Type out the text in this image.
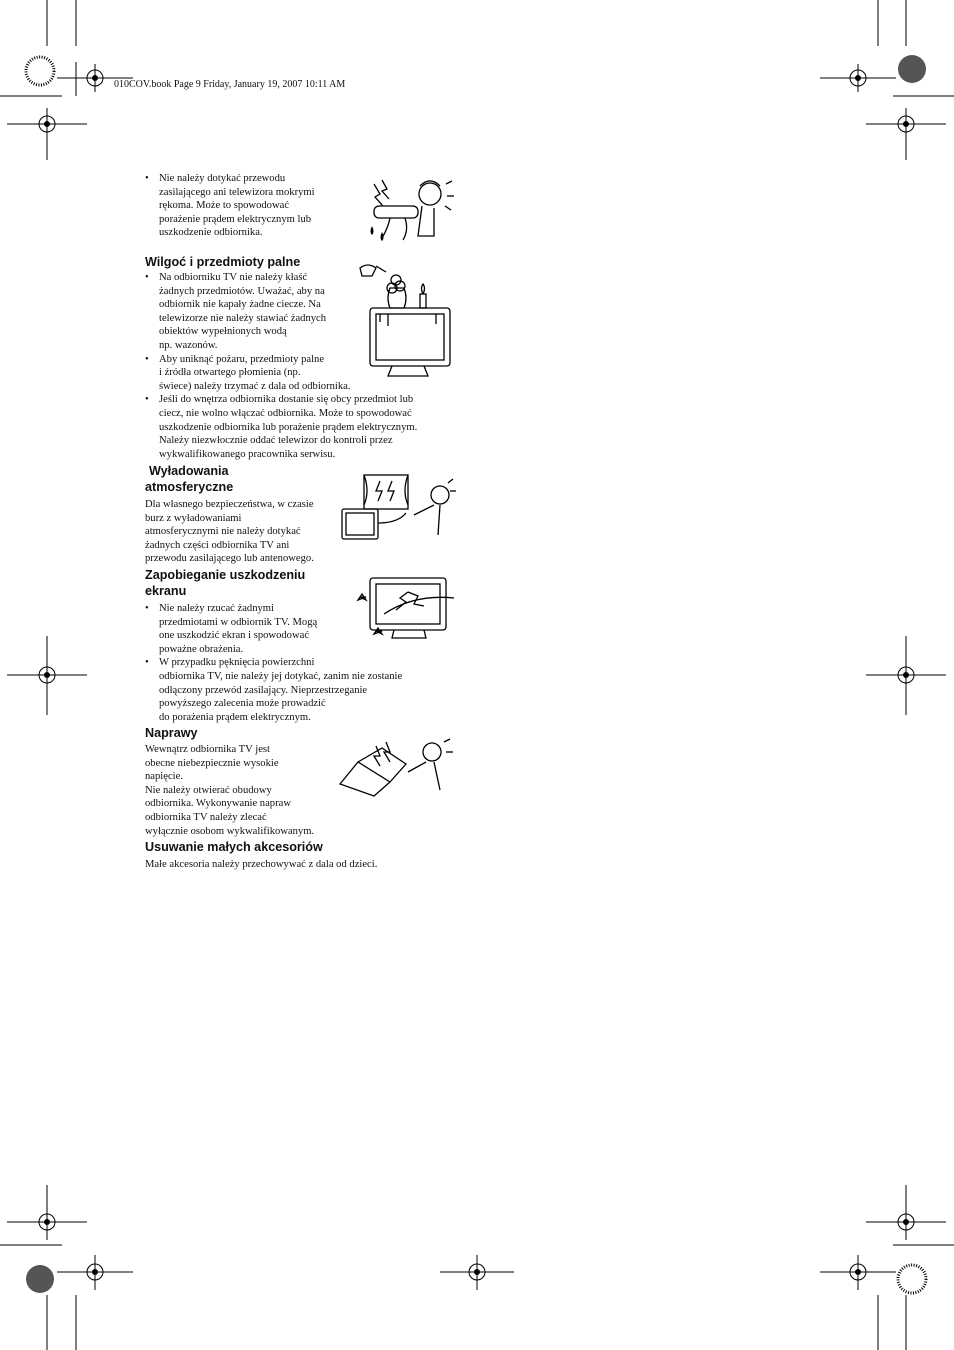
010COV.book Page 9 Friday, January 19, 2007 10:11 AM
• Nie należy dotykać przewodu
zasilającego ani telewizora mokrymi
rękoma. Może to spowodować
porażenie prądem elektrycznym lub
uszkodzenie odbiornika.
Wilgoć i przedmioty palne
• Na odbiorniku TV nie należy kłaść
żadnych przedmiotów. Uważać, aby na
odbiornik nie kapały żadne ciecze. Na
telewizorze nie należy stawiać żadnych
obiektów wypełnionych wodą
np. wazonów.
• Aby uniknąć pożaru, przedmioty palne
i źródła otwartego płomienia (np.
świece) należy trzymać z dala od odbiornika.
• Jeśli do wnętrza odbiornika dostanie się obcy przedmiot lub
ciecz, nie wolno włączać odbiornika. Może to spowodować
uszkodzenie odbiornika lub porażenie prądem elektrycznym.
Należy niezwłocznie oddać telewizor do kontroli przez
wykwalifikowanego pracownika serwisu.
Wyładowania
atmosferyczne
Dla własnego bezpieczeństwa, w czasie
burz z wyładowaniami
atmosferycznymi nie należy dotykać
żadnych części odbiornika TV ani
przewodu zasilającego lub antenowego.
Zapobieganie uszkodzeniu
ekranu
• Nie należy rzucać żadnymi
przedmiotami w odbiornik TV. Mogą
one uszkodzić ekran i spowodować
poważne obrażenia.
• W przypadku pęknięcia powierzchni
odbiornika TV, nie należy jej dotykać, zanim nie zostanie
odłączony przewód zasilający. Nieprzestrzeganie
powyższego zalecenia może prowadzić
do porażenia prądem elektrycznym.
Naprawy
Wewnątrz odbiornika TV jest
obecne niebezpiecznie wysokie
napięcie.
Nie należy otwierać obudowy
odbiornika. Wykonywanie napraw
odbiornika TV należy zlecać
wyłącznie osobom wykwalifikowanym.
Usuwanie małych akcesoriów
Małe akcesoria należy przechowywać z dala od dzieci.
